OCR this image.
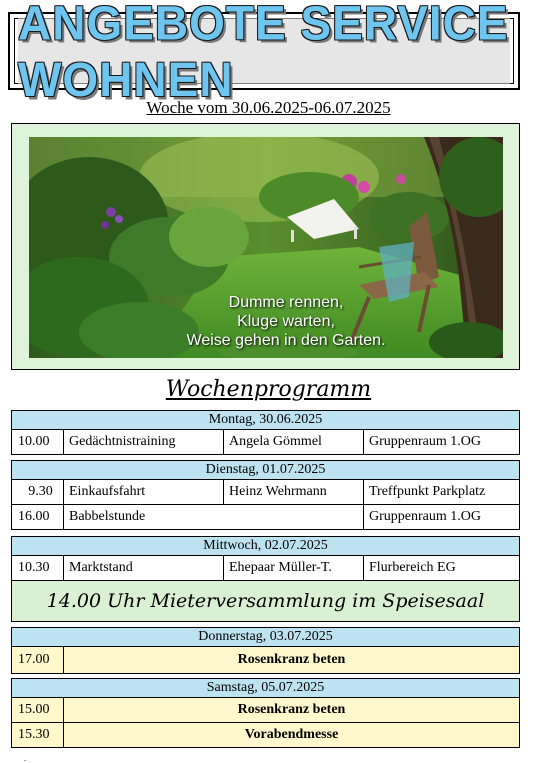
ANGEBOTE SERVICE WOHNEN
Woche vom 30.06.2025-06.07.2025
Dumme rennen,
Kluge warten,
Weise gehen in den Garten.
Wochenprogramm
Montag, 30.06.2025
10.00	Gedächtnistraining	Angela Gömmel	Gruppenraum 1.OG
Dienstag, 01.07.2025
9.30	Einkaufsfahrt	Heinz Wehrmann	Treffpunkt Parkplatz
16.00	Babbelstunde	Gruppenraum 1.OG
Mittwoch, 02.07.2025
10.30	Marktstand	Ehepaar Müller-T.	Flurbereich EG
14.00 Uhr Mieterversammlung im Speisesaal
Donnerstag, 03.07.2025
17.00	Rosenkranz beten
Samstag, 05.07.2025
15.00	Rosenkranz beten
15.30	Vorabendmesse
.
